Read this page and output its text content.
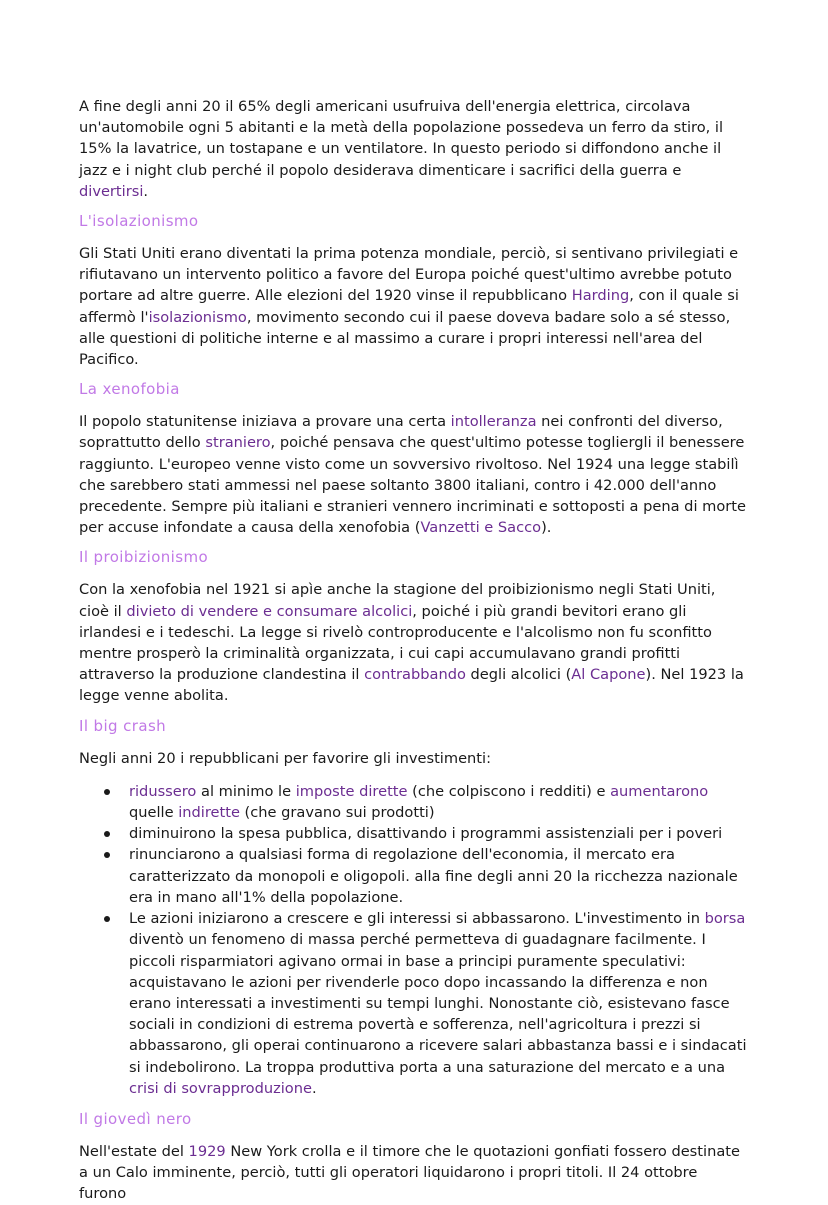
A fine degli anni 20 il 65% degli americani usufruiva dell'energia elettrica, circolava un'automobile ogni 5 abitanti e la metà della popolazione possedeva un ferro da stiro, il 15% la lavatrice, un tostapane e un ventilatore. In questo periodo si diffondono anche il jazz e i night club perché il popolo desiderava dimenticare i sacrifici della guerra e divertirsi.

L'isolazionismo

Gli Stati Uniti erano diventati la prima potenza mondiale, perciò, si sentivano privilegiati e rifiutavano un intervento politico a favore del Europa poiché quest'ultimo avrebbe potuto portare ad altre guerre. Alle elezioni del 1920 vinse il repubblicano Harding, con il quale si affermò l'isolazionismo, movimento secondo cui il paese doveva badare solo a sé stesso, alle questioni di politiche interne e al massimo a curare i propri interessi nell'area del Pacifico.

La xenofobia

Il popolo statunitense iniziava a provare una certa intolleranza nei confronti del diverso, soprattutto dello straniero, poiché pensava che quest'ultimo potesse togliergli il benessere raggiunto. L'europeo venne visto come un sovversivo rivoltoso. Nel 1924 una legge stabilì che sarebbero stati ammessi nel paese soltanto 3800 italiani, contro i 42.000 dell'anno precedente. Sempre più italiani e stranieri vennero incriminati e sottoposti a pena di morte per accuse infondate a causa della xenofobia (Vanzetti e Sacco).

Il proibizionismo

Con la xenofobia nel 1921 si apìe anche la stagione del proibizionismo negli Stati Uniti, cioè il divieto di vendere e consumare alcolici, poiché i più grandi bevitori erano gli irlandesi e i tedeschi. La legge si rivelò controproducente e l'alcolismo non fu sconfitto mentre prosperò la criminalità organizzata, i cui capi accumulavano grandi profitti attraverso la produzione clandestina il contrabbando degli alcolici (Al Capone). Nel 1923 la legge venne abolita.

Il big crash

Negli anni 20 i repubblicani per favorire gli investimenti:

ridussero al minimo le imposte dirette (che colpiscono i redditi) e aumentarono quelle indirette (che gravano sui prodotti)
diminuirono la spesa pubblica, disattivando i programmi assistenziali per i poveri
rinunciarono a qualsiasi forma di regolazione dell'economia, il mercato era caratterizzato da monopoli e oligopoli. alla fine degli anni 20 la ricchezza nazionale era in mano all'1% della popolazione.
Le azioni iniziarono a crescere e gli interessi si abbassarono. L'investimento in borsa diventò un fenomeno di massa perché permetteva di guadagnare facilmente. I piccoli risparmiatori agivano ormai in base a principi puramente speculativi: acquistavano le azioni per rivenderle poco dopo incassando la differenza e non erano interessati a investimenti su tempi lunghi. Nonostante ciò, esistevano fasce sociali in condizioni di estrema povertà e sofferenza, nell'agricoltura i prezzi si abbassarono, gli operai continuarono a ricevere salari abbastanza bassi e i sindacati si indebolirono. La troppa produttiva porta a una saturazione del mercato e a una crisi di sovrapproduzione.
Il giovedì nero

Nell'estate del 1929 New York crolla e il timore che le quotazioni gonfiati fossero destinate a un Calo imminente, perciò, tutti gli operatori liquidarono i propri titoli. Il 24 ottobre furono
